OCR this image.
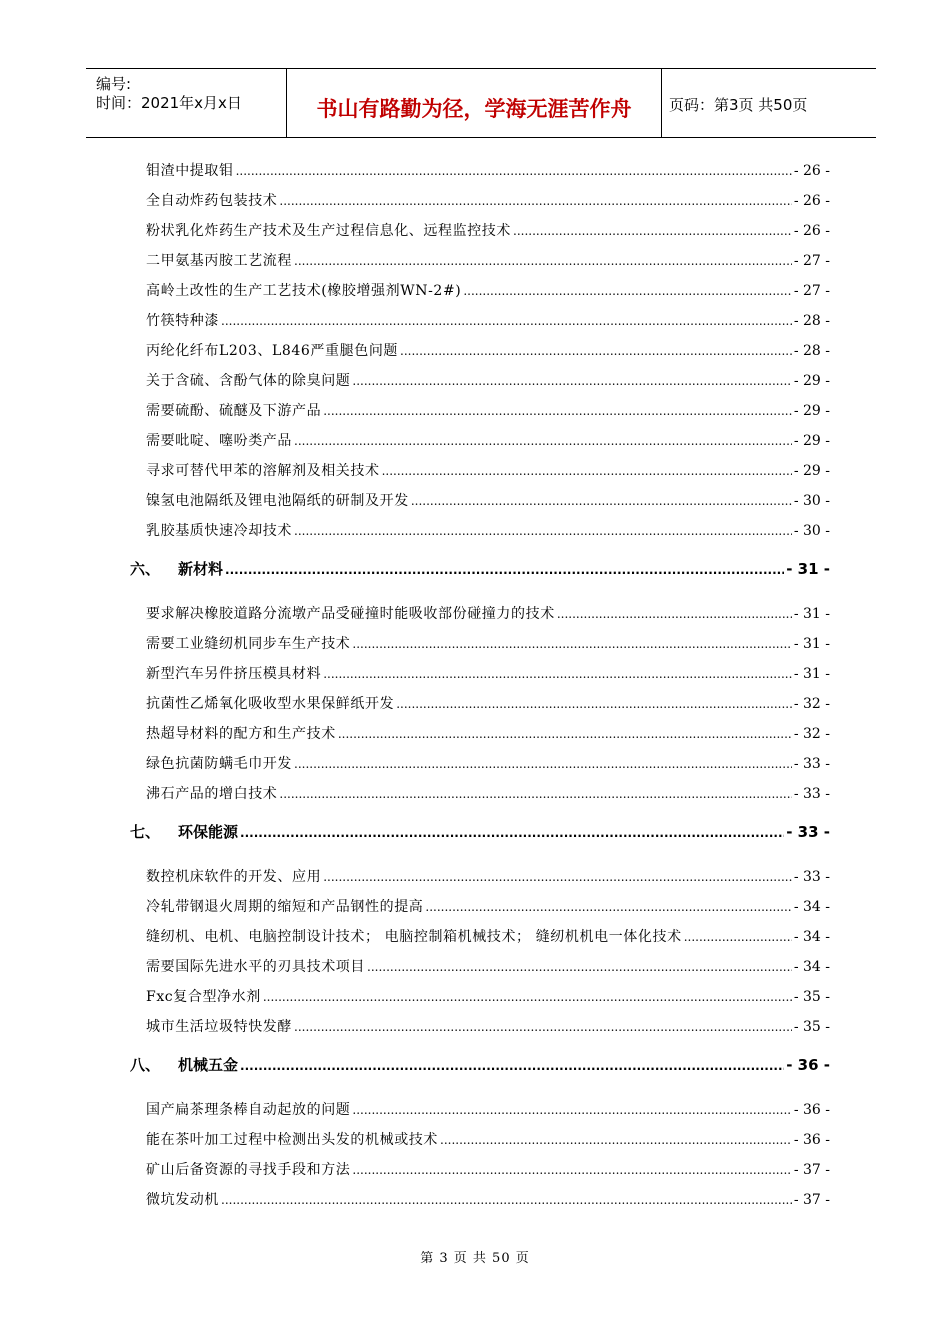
编号:
时间：2021年x月x日	书山有路勤为径，学海无涯苦作舟	页码：第3页 共50页
钼渣中提取钼 .....	- 26 -
全自动炸药包装技术 .....	- 26 -
粉状乳化炸药生产技术及生产过程信息化、远程监控技术 .....	- 26 -
二甲氨基丙胺工艺流程 .....	- 27 -
高岭土改性的生产工艺技术(橡胶增强剂WN-2#) .....	- 27 -
竹筷特种漆 .....	- 28 -
丙纶化纤布L203、L846严重腿色问题 .....	- 28 -
关于含硫、含酚气体的除臭问题 .....	- 29 -
需要硫酚、硫醚及下游产品 .....	- 29 -
需要吡啶、噻吩类产品 .....	- 29 -
寻求可替代甲苯的溶解剂及相关技术 .....	- 29 -
镍氢电池隔纸及锂电池隔纸的研制及开发 .....	- 30 -
乳胶基质快速冷却技术 .....	- 30 -
六、 新材料 .....	- 31 -
要求解决橡胶道路分流墩产品受碰撞时能吸收部份碰撞力的技术 .....	- 31 -
需要工业缝纫机同步车生产技术 .....	- 31 -
新型汽车另件挤压模具材料 .....	- 31 -
抗菌性乙烯氧化吸收型水果保鲜纸开发 .....	- 32 -
热超导材料的配方和生产技术 .....	- 32 -
绿色抗菌防螨毛巾开发 .....	- 33 -
沸石产品的增白技术 .....	- 33 -
七、 环保能源 .....	- 33 -
数控机床软件的开发、应用 .....	- 33 -
冷轧带钢退火周期的缩短和产品钢性的提高 .....	- 34 -
缝纫机、电机、电脑控制设计技术； 电脑控制箱机械技术； 缝纫机机电一体化技术 .....	- 34 -
需要国际先进水平的刃具技术项目 .....	- 34 -
Fxc复合型净水剂 .....	- 35 -
城市生活垃圾特快发酵 .....	- 35 -
八、 机械五金 .....	- 36 -
国产扁茶理条棒自动起放的问题 .....	- 36 -
能在茶叶加工过程中检测出头发的机械或技术 .....	- 36 -
矿山后备资源的寻找手段和方法 .....	- 37 -
微坑发动机 .....	- 37 -
第 3 页 共 50 页
